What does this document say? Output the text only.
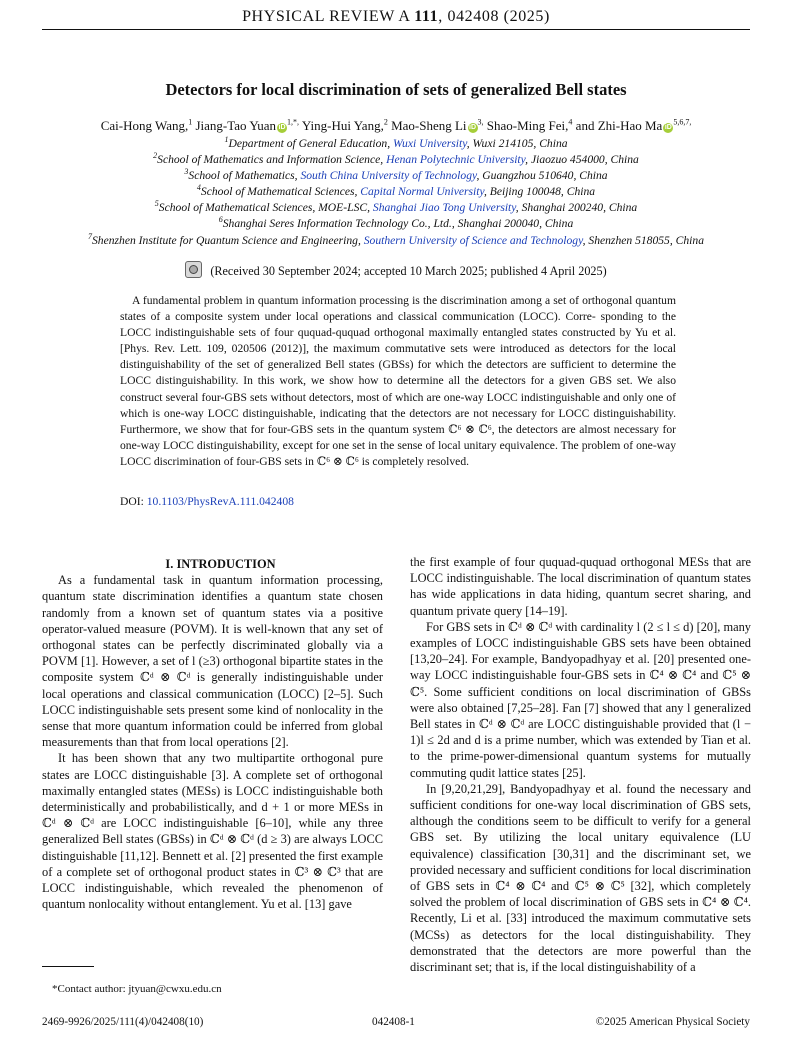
PHYSICAL REVIEW A 111, 042408 (2025)
Detectors for local discrimination of sets of generalized Bell states
Cai-Hong Wang,$^1$ Jiang-Tao Yuan $iD^{1,*,}$ Ying-Hui Yang,$^2$ Mao-Sheng Li $iD^{3,}$ Shao-Ming Fei,$^4$ and Zhi-Hao Ma $iD^{5,6,7,}$
$^1$Department of General Education, Wuxi University, Wuxi 214105, China
$^2$School of Mathematics and Information Science, Henan Polytechnic University, Jiaozuo 454000, China
$^3$School of Mathematics, South China University of Technology, Guangzhou 510640, China
$^4$School of Mathematical Sciences, Capital Normal University, Beijing 100048, China
$^5$School of Mathematical Sciences, MOE-LSC, Shanghai Jiao Tong University, Shanghai 200240, China
$^6$Shanghai Seres Information Technology Co., Ltd., Shanghai 200040, China
$^7$Shenzhen Institute for Quantum Science and Engineering, Southern University of Science and Technology, Shenzhen 518055, China
(Received 30 September 2024; accepted 10 March 2025; published 4 April 2025)
A fundamental problem in quantum information processing is the discrimination among a set of orthogonal quantum states of a composite system under local operations and classical communication (LOCC). Corre- sponding to the LOCC indistinguishable sets of four ququad-ququad orthogonal maximally entangled states constructed by Yu et al. [Phys. Rev. Lett. 109, 020506 (2012)], the maximum commutative sets were introduced as detectors for the local distinguishability of the set of generalized Bell states (GBSs) for which the detectors are sufficient to determine the LOCC distinguishability. In this work, we show how to determine all the detectors for a given GBS set. We also construct several four-GBS sets without detectors, most of which are one-way LOCC indistinguishable and only one of which is one-way LOCC distinguishable, indicating that the detectors are not necessary for LOCC distinguishability. Furthermore, we show that for four-GBS sets in the quantum system ℂ⁶ ⊗ ℂ⁶, the detectors are almost necessary for one-way LOCC distinguishability, except for one set in the sense of local unitary equivalence. The problem of one-way LOCC discrimination of four-GBS sets in ℂ⁶ ⊗ ℂ⁶ is completely resolved.
DOI: 10.1103/PhysRevA.111.042408

I. INTRODUCTION

As a fundamental task in quantum information processing, quantum state discrimination identifies a quantum state chosen randomly from a known set of quantum states via a positive operator-valued measure (POVM). It is well-known that any set of orthogonal states can be perfectly discriminated globally via a POVM [1]. However, a set of l (≥3) orthogonal bipartite states in the composite system ℂᵈ ⊗ ℂᵈ is generally indistinguishable under local operations and classical communication (LOCC) [2–5]. Such LOCC indistinguishable sets present some kind of nonlocality in the sense that more quantum information could be inferred from global measurements than that from local operations [2].

It has been shown that any two multipartite orthogonal pure states are LOCC distinguishable [3]. A complete set of orthogonal maximally entangled states (MESs) is LOCC indistinguishable both deterministically and probabilistically, and d + 1 or more MESs in ℂᵈ ⊗ ℂᵈ are LOCC indistinguishable [6–10], while any three generalized Bell states (GBSs) in ℂᵈ ⊗ ℂᵈ (d ≥ 3) are always LOCC distinguishable [11,12]. Bennett et al. [2] presented the first example of a complete set of orthogonal product states in ℂ³ ⊗ ℂ³ that are LOCC indistinguishable, which revealed the phenomenon of quantum nonlocality without entanglement. Yu et al. [13] gave

the first example of four ququad-ququad orthogonal MESs that are LOCC indistinguishable. The local discrimination of quantum states has wide applications in data hiding, quantum secret sharing, and quantum private query [14–19].

For GBS sets in ℂᵈ ⊗ ℂᵈ with cardinality l (2 ≤ l ≤ d) [20], many examples of LOCC indistinguishable GBS sets have been obtained [13,20–24]. For example, Bandyopadhyay et al. [20] presented one-way LOCC indistinguishable four-GBS sets in ℂ⁴ ⊗ ℂ⁴ and ℂ⁵ ⊗ ℂ⁵. Some sufficient conditions on local discrimination of GBSs were also obtained [7,25–28]. Fan [7] showed that any l generalized Bell states in ℂᵈ ⊗ ℂᵈ are LOCC distinguishable provided that (l − 1)l ≤ 2d and d is a prime number, which was extended by Tian et al. to the prime-power-dimensional quantum systems for mutually commuting qudit lattice states [25].

In [9,20,21,29], Bandyopadhyay et al. found the necessary and sufficient conditions for one-way local discrimination of GBS sets, although the conditions seem to be difficult to verify for a general GBS set. By utilizing the local unitary equivalence (LU equivalence) classification [30,31] and the discriminant set, we provided necessary and sufficient conditions for local discrimination of GBS sets in ℂ⁴ ⊗ ℂ⁴ and ℂ⁵ ⊗ ℂ⁵ [32], which completely solved the problem of local discrimination of GBS sets in ℂ⁴ ⊗ ℂ⁴. Recently, Li et al. [33] introduced the maximum commutative sets (MCSs) as detectors for the local distinguishability. They demonstrated that the detectors are more powerful than the discriminant set; that is, if the local distinguishability of a

*Contact author: jtyuan@cwxu.edu.cn
2469-9926/2025/111(4)/042408(10)	042408-1	©2025 American Physical Society
